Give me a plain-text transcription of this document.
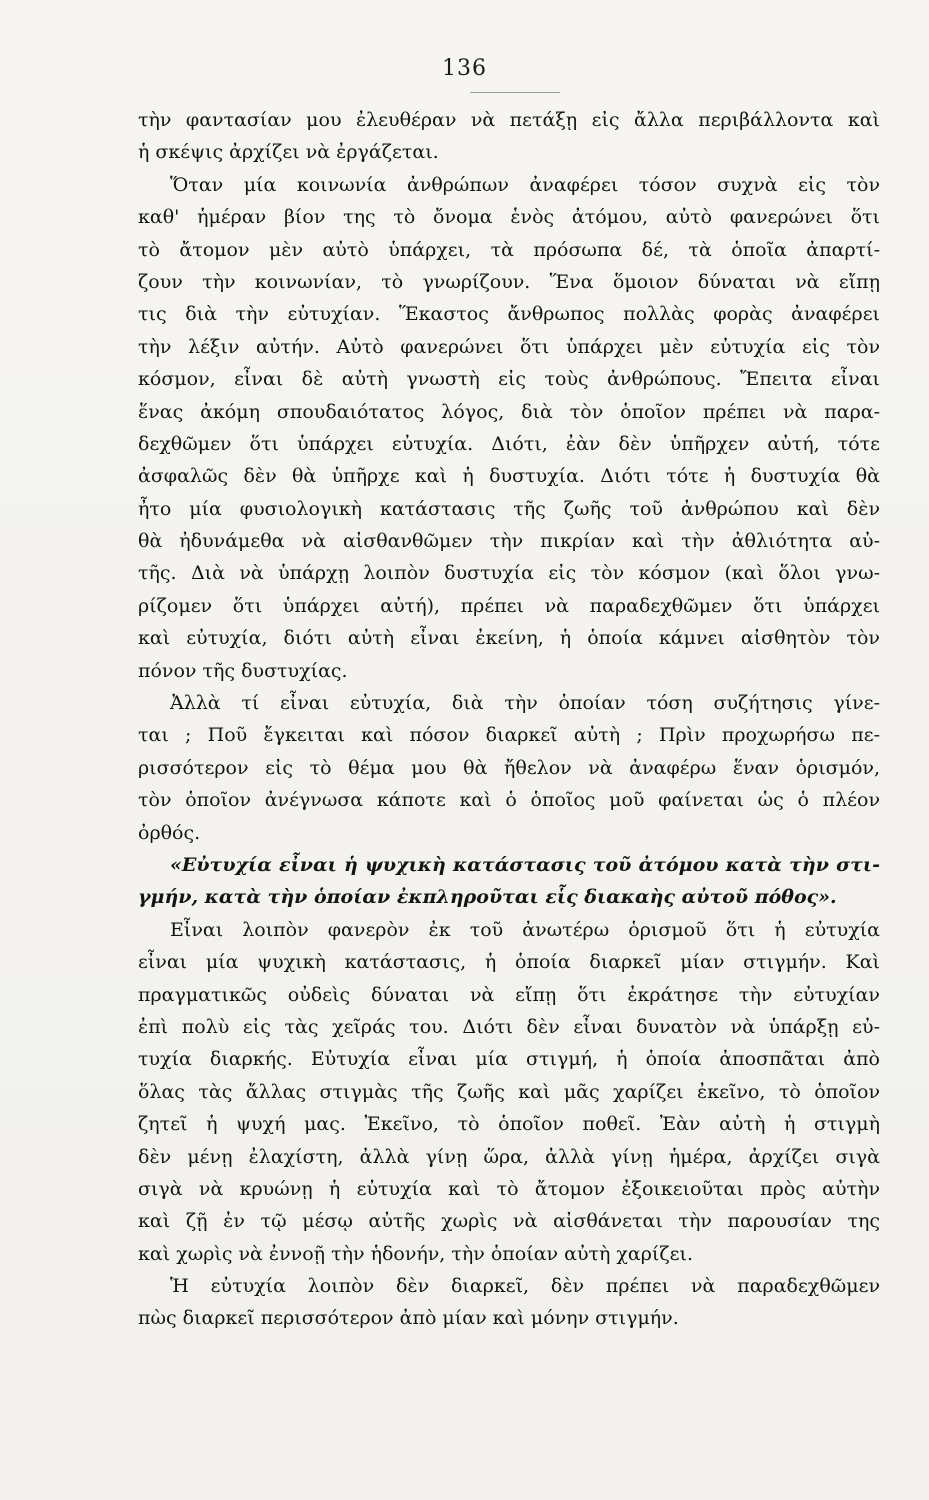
136
τὴν φαντασίαν μου ἐλευθέραν νὰ πετάξῃ εἰς ἄλλα περιβάλλοντα καὶ
ἡ σκέψις ἀρχίζει νὰ ἐργάζεται.
Ὅταν μία κοινωνία ἀνθρώπων ἀναφέρει τόσον συχνὰ εἰς τὸν
καθ' ἡμέραν βίον της τὸ ὄνομα ἑνὸς ἀτόμου, αὐτὸ φανερώνει ὅτι
τὸ ἄτομον μὲν αὐτὸ ὑπάρχει, τὰ πρόσωπα δέ, τὰ ὁποῖα ἀπαρτί-
ζουν τὴν κοινωνίαν, τὸ γνωρίζουν. Ἕνα ὅμοιον δύναται νὰ εἴπῃ
τις διὰ τὴν εὐτυχίαν. Ἕκαστος ἄνθρωπος πολλὰς φορὰς ἀναφέρει
τὴν λέξιν αὐτήν. Αὐτὸ φανερώνει ὅτι ὑπάρχει μὲν εὐτυχία εἰς τὸν
κόσμον, εἶναι δὲ αὐτὴ γνωστὴ εἰς τοὺς ἀνθρώπους. Ἔπειτα εἶναι
ἕνας ἀκόμη σπουδαιότατος λόγος, διὰ τὸν ὁποῖον πρέπει νὰ παρα-
δεχθῶμεν ὅτι ὑπάρχει εὐτυχία. Διότι, ἐὰν δὲν ὑπῆρχεν αὐτή, τότε
ἀσφαλῶς δὲν θὰ ὑπῆρχε καὶ ἡ δυστυχία. Διότι τότε ἡ δυστυχία θὰ
ἦτο μία φυσιολογικὴ κατάστασις τῆς ζωῆς τοῦ ἀνθρώπου καὶ δὲν
θὰ ἠδυνάμεθα νὰ αἰσθανθῶμεν τὴν πικρίαν καὶ τὴν ἀθλιότητα αὐ-
τῆς. Διὰ νὰ ὑπάρχῃ λοιπὸν δυστυχία εἰς τὸν κόσμον (καὶ ὅλοι γνω-
ρίζομεν ὅτι ὑπάρχει αὐτή), πρέπει νὰ παραδεχθῶμεν ὅτι ὑπάρχει
καὶ εὐτυχία, διότι αὐτὴ εἶναι ἐκείνη, ἡ ὁποία κάμνει αἰσθητὸν τὸν
πόνον τῆς δυστυχίας.
Ἀλλὰ τί εἶναι εὐτυχία, διὰ τὴν ὁποίαν τόση συζήτησις γίνε-
ται ; Ποῦ ἔγκειται καὶ πόσον διαρκεῖ αὐτὴ ; Πρὶν προχωρήσω πε-
ρισσότερον εἰς τὸ θέμα μου θὰ ἤθελον νὰ ἀναφέρω ἕναν ὁρισμόν,
τὸν ὁποῖον ἀνέγνωσα κάποτε καὶ ὁ ὁποῖος μοῦ φαίνεται ὡς ὁ πλέον
ὀρθός.
«Εὐτυχία εἶναι ἡ ψυχικὴ κατάστασις τοῦ ἀτόμου κατὰ τὴν στι-
γμήν, κατὰ τὴν ὁποίαν ἐκπληροῦται εἷς διακαὴς αὐτοῦ πόθος».
Εἶναι λοιπὸν φανερὸν ἐκ τοῦ ἀνωτέρω ὁρισμοῦ ὅτι ἡ εὐτυχία
εἶναι μία ψυχικὴ κατάστασις, ἡ ὁποία διαρκεῖ μίαν στιγμήν. Καὶ
πραγματικῶς οὐδεὶς δύναται νὰ εἴπῃ ὅτι ἐκράτησε τὴν εὐτυχίαν
ἐπὶ πολὺ εἰς τὰς χεῖράς του. Διότι δὲν εἶναι δυνατὸν νὰ ὑπάρξῃ εὐ-
τυχία διαρκής. Εὐτυχία εἶναι μία στιγμή, ἡ ὁποία ἀποσπᾶται ἀπὸ
ὅλας τὰς ἄλλας στιγμὰς τῆς ζωῆς καὶ μᾶς χαρίζει ἐκεῖνο, τὸ ὁποῖον
ζητεῖ ἡ ψυχή μας. Ἐκεῖνο, τὸ ὁποῖον ποθεῖ. Ἐὰν αὐτὴ ἡ στιγμὴ
δὲν μένῃ ἐλαχίστη, ἀλλὰ γίνῃ ὥρα, ἀλλὰ γίνῃ ἡμέρα, ἀρχίζει σιγὰ
σιγὰ νὰ κρυώνῃ ἡ εὐτυχία καὶ τὸ ἄτομον ἐξοικειοῦται πρὸς αὐτὴν
καὶ ζῇ ἐν τῷ μέσῳ αὐτῆς χωρὶς νὰ αἰσθάνεται τὴν παρουσίαν της
καὶ χωρὶς νὰ ἐννοῇ τὴν ἡδονήν, τὴν ὁποίαν αὐτὴ χαρίζει.
Ἡ εὐτυχία λοιπὸν δὲν διαρκεῖ, δὲν πρέπει νὰ παραδεχθῶμεν
πὼς διαρκεῖ περισσότερον ἀπὸ μίαν καὶ μόνην στιγμήν.
